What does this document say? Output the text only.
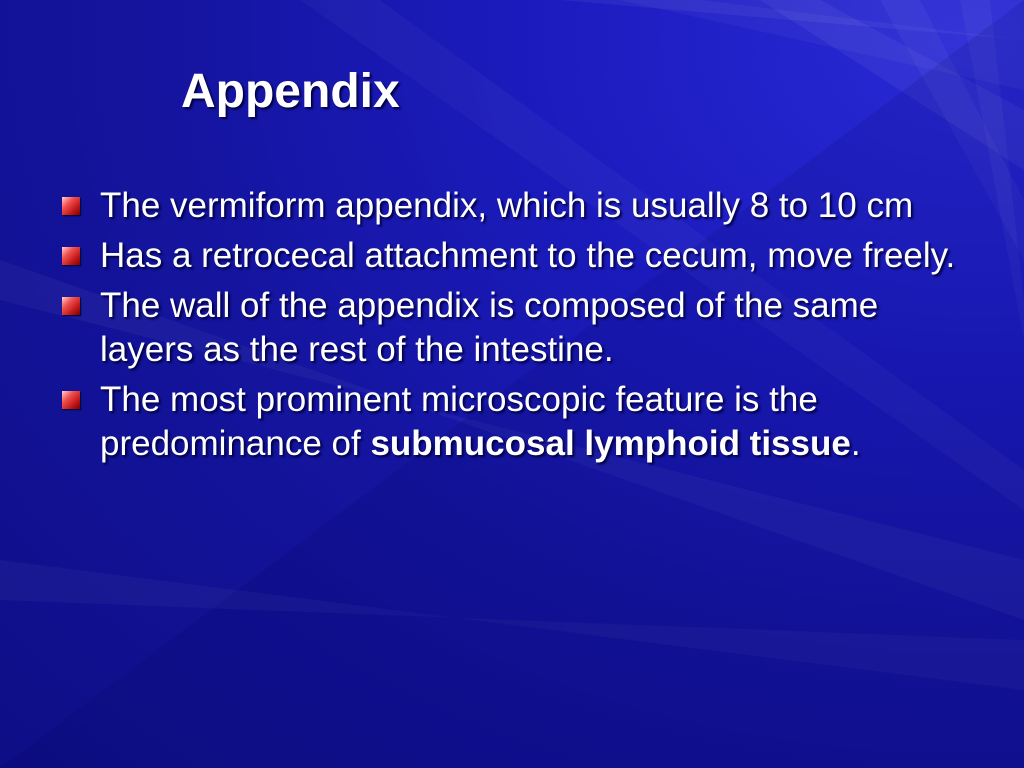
Appendix
The vermiform appendix, which is usually 8 to 10 cm
Has a retrocecal attachment to the cecum, move freely.
The wall of the appendix is composed of the same layers as the rest of the intestine.
The most prominent microscopic feature is the predominance of submucosal lymphoid tissue.
